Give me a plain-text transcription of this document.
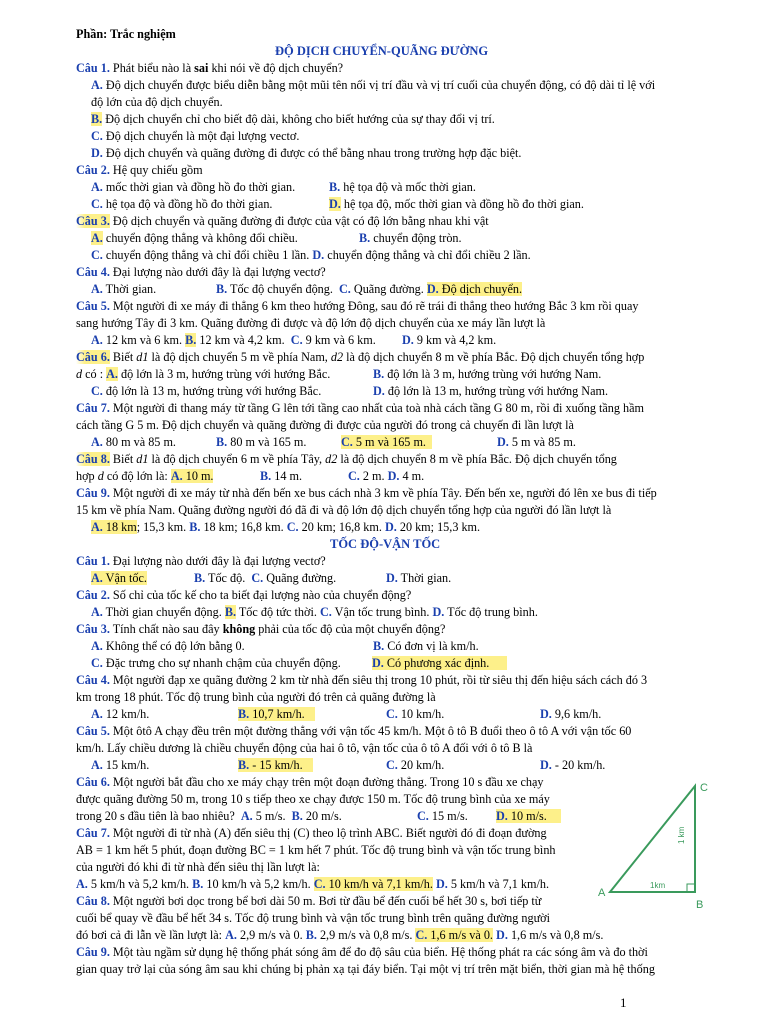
Phần: Trắc nghiệm
ĐỘ DỊCH CHUYỂN-QUÃNG ĐƯỜNG
Câu 1. Phát biểu nào là sai khi nói về độ dịch chuyển?
A. Độ dịch chuyển được biểu diễn bằng một mũi tên nối vị trí đầu và vị trí cuối của chuyển động, có độ dài tỉ lệ với
độ lớn của độ dịch chuyển.
B. Độ dịch chuyển chỉ cho biết độ dài, không cho biết hướng của sự thay đổi vị trí.
C. Độ dịch chuyển là một đại lượng vectơ.
D. Độ dịch chuyển và quãng đường đi được có thể bằng nhau trong trường hợp đặc biệt.
Câu 2. Hệ quy chiếu gồm
A. mốc thời gian và đồng hồ đo thời gian.	B. hệ tọa độ và mốc thời gian.
C. hệ tọa độ và đồng hồ đo thời gian.	D. hệ tọa độ, mốc thời gian và đồng hồ đo thời gian.
Câu 3. Độ dịch chuyển và quãng đường đi được của vật có độ lớn bằng nhau khi vật
A. chuyển động thẳng và không đổi chiều.	B. chuyển động tròn.
C. chuyển động thẳng và chỉ đổi chiều 1 lần. D. chuyển động thẳng và chỉ đổi chiều 2 lần.
Câu 4. Đại lượng nào dưới đây là đại lượng vectơ?
A. Thời gian.	B. Tốc độ chuyển động. C. Quãng đường. D. Độ dịch chuyển.
Câu 5. Một người đi xe máy đi thẳng 6 km theo hướng Đông, sau đó rẽ trái đi thẳng theo hướng Bắc 3 km rồi quay
sang hướng Tây đi 3 km. Quãng đường đi được và độ lớn độ dịch chuyển của xe máy lần lượt là
A. 12 km và 6 km. B. 12 km và 4,2 km. C. 9 km và 6 km. D. 9 km và 4,2 km.
Câu 6. Biết d1 là độ dịch chuyển 5 m về phía Nam, d2 là độ dịch chuyển 8 m về phía Bắc. Độ dịch chuyển tổng hợp
d có : A. độ lớn là 3 m, hướng trùng với hướng Bắc.	B. độ lớn là 3 m, hướng trùng với hướng Nam.
C. độ lớn là 13 m, hướng trùng với hướng Bắc.	D. độ lớn là 13 m, hướng trùng với hướng Nam.
Câu 7. Một người đi thang máy từ tầng G lên tới tầng cao nhất của toà nhà cách tầng G 80 m, rồi đi xuống tầng hầm
cách tầng G 5 m. Độ dịch chuyển và quãng đường đi được của người đó trong cả chuyến đi lần lượt là
A. 80 m và 85 m.	B. 80 m và 165 m.	C. 5 m và 165 m.	D. 5 m và 85 m.
Câu 8. Biết d1 là độ dịch chuyển 6 m về phía Tây, d2 là độ dịch chuyển 8 m về phía Bắc. Độ dịch chuyển tổng
hợp d có độ lớn là: A. 10 m.	B. 14 m.	C. 2 m. D. 4 m.
Câu 9. Một người đi xe máy từ nhà đến bến xe bus cách nhà 3 km về phía Tây. Đến bến xe, người đó lên xe bus đi tiếp
15 km về phía Nam. Quãng đường người đó đã đi và độ lớn độ dịch chuyển tổng hợp của người đó lần lượt là
A. 18 km; 15,3 km. B. 18 km; 16,8 km. C. 20 km; 16,8 km. D. 20 km; 15,3 km.
TỐC ĐỘ-VẬN TỐC
Câu 1. Đại lượng nào dưới đây là đại lượng vectơ?
A. Vận tốc.	B. Tốc độ. C. Quãng đường.	D. Thời gian.
Câu 2. Số chỉ của tốc kế cho ta biết đại lượng nào của chuyển động?
A. Thời gian chuyển động. B. Tốc độ tức thời. C. Vận tốc trung bình. D. Tốc độ trung bình.
Câu 3. Tính chất nào sau đây không phải của tốc độ của một chuyển động?
A. Không thể có độ lớn bằng 0.	B. Có đơn vị là km/h.
C. Đặc trưng cho sự nhanh chậm của chuyển động.	D. Có phương xác định.
Câu 4. Một người đạp xe quãng đường 2 km từ nhà đến siêu thị trong 10 phút, rồi từ siêu thị đến hiệu sách cách đó 3
km trong 18 phút. Tốc độ trung bình của người đó trên cả quãng đường là
A. 12 km/h.	B. 10,7 km/h.	C. 10 km/h.	D. 9,6 km/h.
Câu 5. Một ôtô A chạy đều trên một đường thẳng với vận tốc 45 km/h. Một ô tô B đuổi theo ô tô A với vận tốc 60
km/h. Lấy chiều dương là chiều chuyển động của hai ô tô, vận tốc của ô tô A đối với ô tô B là
A. 15 km/h.	B. - 15 km/h.	C. 20 km/h.	D. - 20 km/h.
Câu 6. Một người bắt đầu cho xe máy chạy trên một đoạn đường thẳng. Trong 10 s đầu xe chạy
được quãng đường 50 m, trong 10 s tiếp theo xe chạy được 150 m. Tốc độ trung bình của xe máy
trong 20 s đầu tiên là bao nhiêu? A. 5 m/s. B. 20 m/s.	C. 15 m/s. D. 10 m/s.
Câu 7. Một người đi từ nhà (A) đến siêu thị (C) theo lộ trình ABC. Biết người đó đi đoạn đường
AB = 1 km hết 5 phút, đoạn đường BC = 1 km hết 7 phút. Tốc độ trung bình và vận tốc trung bình
của người đó khi đi từ nhà đến siêu thị lần lượt là:
A. 5 km/h và 5,2 km/h. B. 10 km/h và 5,2 km/h. C. 10 km/h và 7,1 km/h. D. 5 km/h và 7,1 km/h.
Câu 8. Một người bơi dọc trong bể bơi dài 50 m. Bơi từ đầu bể đến cuối bể hết 30 s, bơi tiếp từ
cuối bể quay về đầu bể hết 34 s. Tốc độ trung bình và vận tốc trung bình trên quãng đường người
đó bơi cả đi lẫn về lần lượt là: A. 2,9 m/s và 0. B. 2,9 m/s và 0,8 m/s. C. 1,6 m/s và 0. D. 1,6 m/s và 0,8 m/s.
Câu 9. Một tàu ngầm sử dụng hệ thống phát sóng âm để đo độ sâu của biển. Hệ thống phát ra các sóng âm và đo thời
gian quay trở lại của sóng âm sau khi chúng bị phản xạ tại đáy biển. Tại một vị trí trên mặt biển, thời gian mà hệ thống
A
B
C
1km
1 km
1
